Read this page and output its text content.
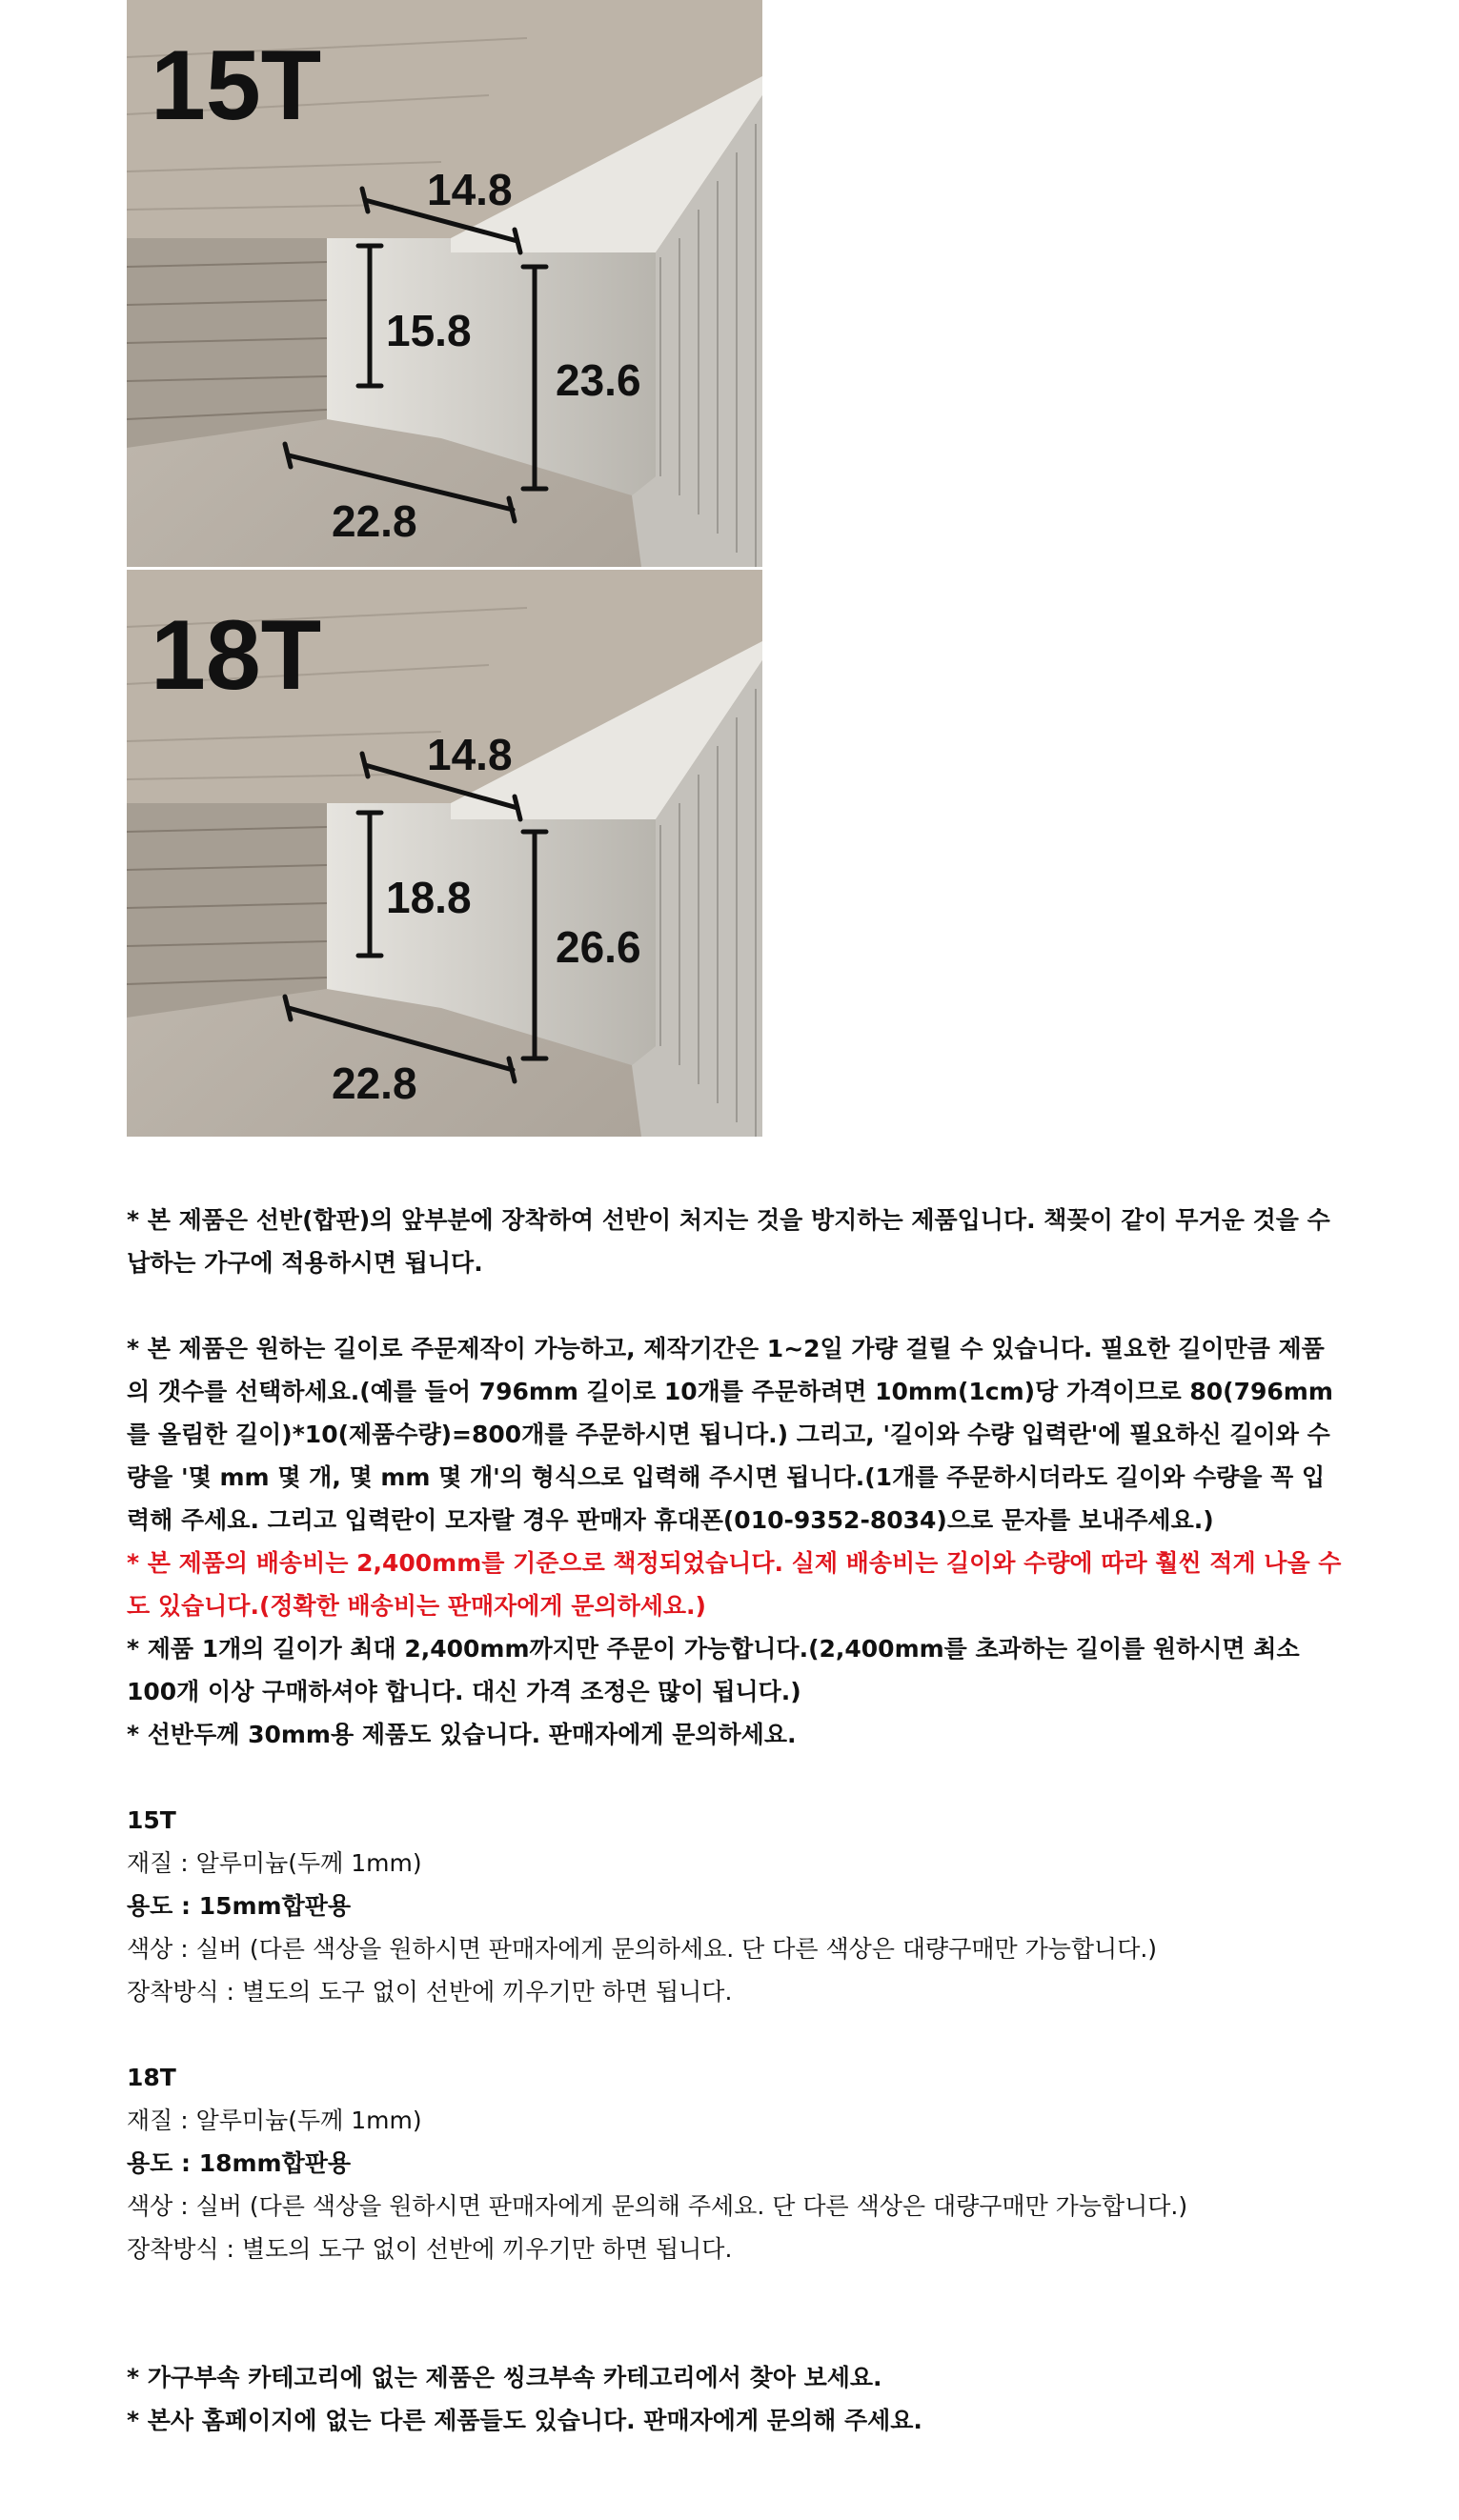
15T
14.8
15.8
23.6
22.8
18T
14.8
18.8
26.6
22.8

* 본 제품은 선반(합판)의 앞부분에 장착하여 선반이 처지는 것을 방지하는 제품입니다. 책꽂이 같이 무거운 것을 수납하는 가구에 적용하시면 됩니다.

* 본 제품은 원하는 길이로 주문제작이 가능하고, 제작기간은 1~2일 가량 걸릴 수 있습니다. 필요한 길이만큼 제품의 갯수를 선택하세요.(예를 들어 796mm 길이로 10개를 주문하려면 10mm(1cm)당 가격이므로 80(796mm를 올림한 길이)*10(제품수량)=800개를 주문하시면 됩니다.) 그리고, '길이와 수량 입력란'에 필요하신 길이와 수량을 '몇 mm 몇 개, 몇 mm 몇 개'의 형식으로 입력해 주시면 됩니다.(1개를 주문하시더라도 길이와 수량을 꼭 입력해 주세요. 그리고 입력란이 모자랄 경우 판매자 휴대폰(010-9352-8034)으로 문자를 보내주세요.)

* 본 제품의 배송비는 2,400mm를 기준으로 책정되었습니다. 실제 배송비는 길이와 수량에 따라 훨씬 적게 나올 수도 있습니다.(정확한 배송비는 판매자에게 문의하세요.)

* 제품 1개의 길이가 최대 2,400mm까지만 주문이 가능합니다.(2,400mm를 초과하는 길이를 원하시면 최소 100개 이상 구매하셔야 합니다. 대신 가격 조정은 많이 됩니다.)

* 선반두께 30mm용 제품도 있습니다. 판매자에게 문의하세요.

15T

재질 : 알루미늄(두께 1mm)

용도 : 15mm합판용

색상 : 실버 (다른 색상을 원하시면 판매자에게 문의하세요. 단 다른 색상은 대량구매만 가능합니다.)

장착방식 : 별도의 도구 없이 선반에 끼우기만 하면 됩니다.

18T

재질 : 알루미늄(두께 1mm)

용도 : 18mm합판용

색상 : 실버 (다른 색상을 원하시면 판매자에게 문의해 주세요. 단 다른 색상은 대량구매만 가능합니다.)

장착방식 : 별도의 도구 없이 선반에 끼우기만 하면 됩니다.

* 가구부속 카테고리에 없는 제품은 씽크부속 카테고리에서 찾아 보세요.

* 본사 홈페이지에 없는 다른 제품들도 있습니다. 판매자에게 문의해 주세요.
